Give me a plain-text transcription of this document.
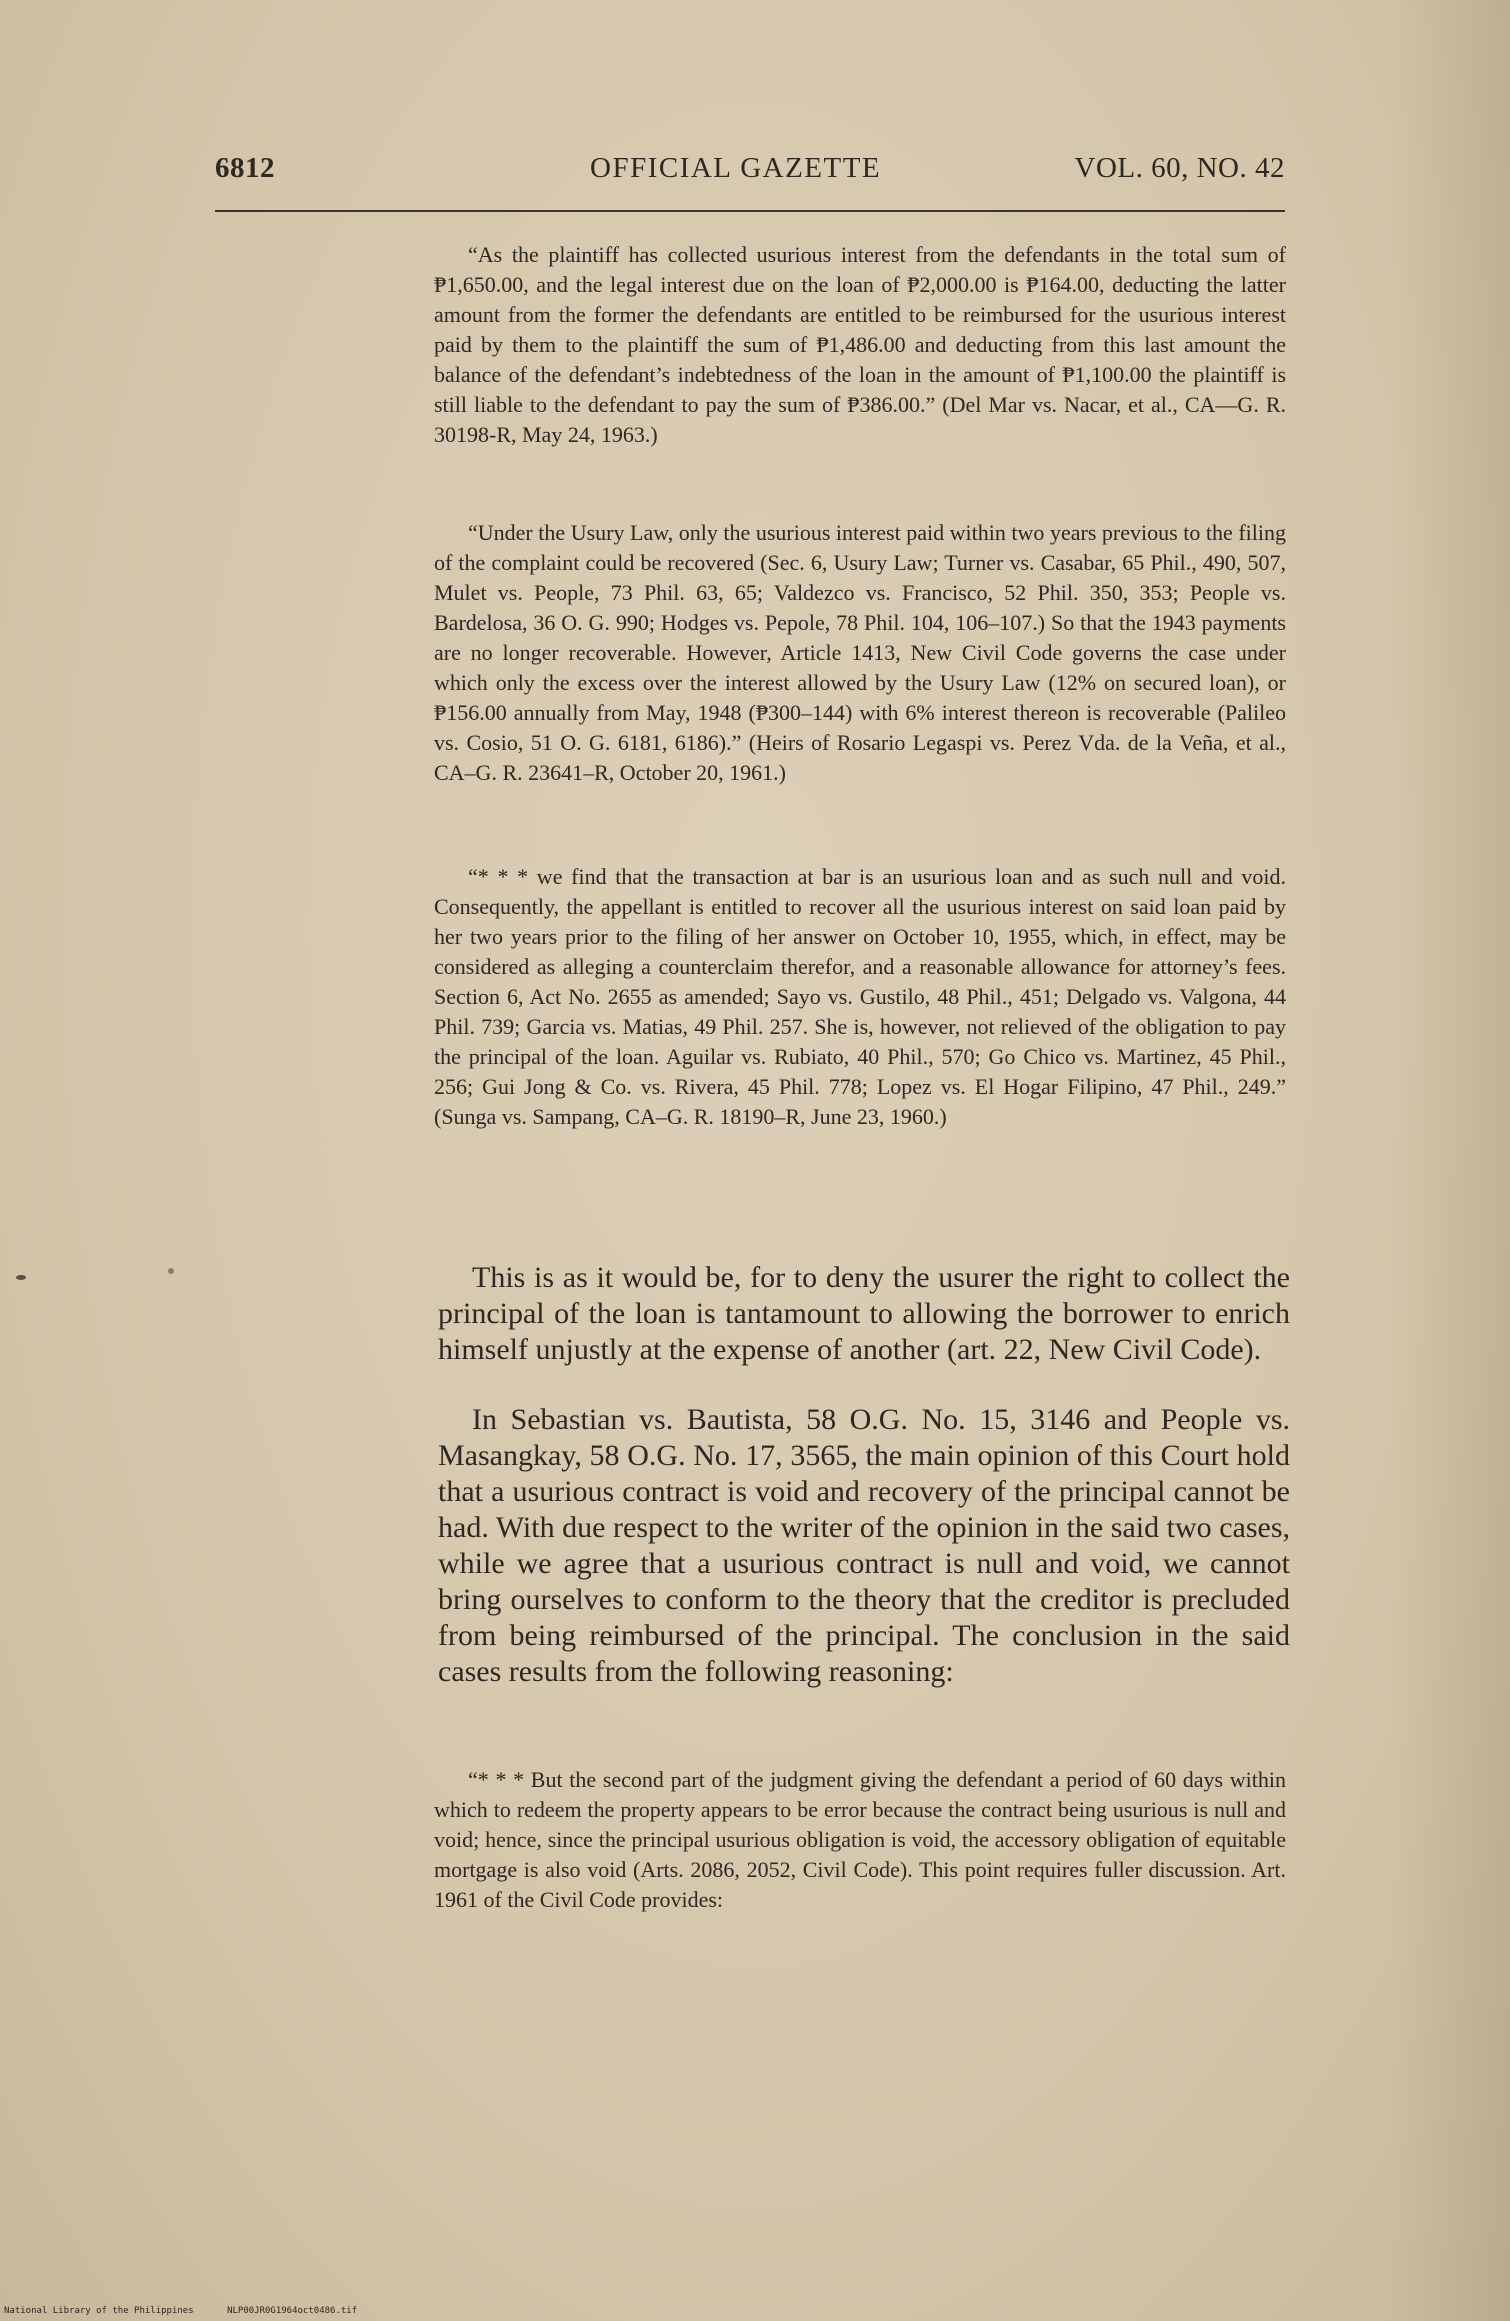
6812	OFFICIAL GAZETTE	VOL. 60, NO. 42

“As the plaintiff has collected usurious interest from the defendants in the total sum of ₱1,650.00, and the legal interest due on the loan of ₱2,000.00 is ₱164.00, deducting the latter amount from the former the defendants are entitled to be reimbursed for the usurious interest paid by them to the plaintiff the sum of ₱1,486.00 and deducting from this last amount the balance of the defendant’s indebtedness of the loan in the amount of ₱1,100.00 the plaintiff is still liable to the defendant to pay the sum of ₱386.00.” (Del Mar vs. Nacar, et al., CA—G. R. 30198-R, May 24, 1963.)

“Under the Usury Law, only the usurious interest paid within two years previous to the filing of the complaint could be recovered (Sec. 6, Usury Law; Turner vs. Casabar, 65 Phil., 490, 507, Mulet vs. People, 73 Phil. 63, 65; Valdezco vs. Francisco, 52 Phil. 350, 353; People vs. Bardelosa, 36 O. G. 990; Hodges vs. Pepole, 78 Phil. 104, 106–107.) So that the 1943 payments are no longer recoverable. However, Article 1413, New Civil Code governs the case under which only the excess over the interest allowed by the Usury Law (12% on secured loan), or ₱156.00 annually from May, 1948 (₱300–144) with 6% interest thereon is recoverable (Palileo vs. Cosio, 51 O. G. 6181, 6186).” (Heirs of Rosario Legaspi vs. Perez Vda. de la Veña, et al., CA–G. R. 23641–R, October 20, 1961.)

“* * * we find that the transaction at bar is an usurious loan and as such null and void. Consequently, the appellant is entitled to recover all the usurious interest on said loan paid by her two years prior to the filing of her answer on October 10, 1955, which, in effect, may be considered as alleging a counterclaim therefor, and a reasonable allowance for attorney’s fees. Section 6, Act No. 2655 as amended; Sayo vs. Gustilo, 48 Phil., 451; Delgado vs. Valgona, 44 Phil. 739; Garcia vs. Matias, 49 Phil. 257. She is, however, not relieved of the obligation to pay the principal of the loan. Aguilar vs. Rubiato, 40 Phil., 570; Go Chico vs. Martinez, 45 Phil., 256; Gui Jong & Co. vs. Rivera, 45 Phil. 778; Lopez vs. El Hogar Filipino, 47 Phil., 249.” (Sunga vs. Sampang, CA–G. R. 18190–R, June 23, 1960.)

This is as it would be, for to deny the usurer the right to collect the principal of the loan is tantamount to allowing the borrower to enrich himself unjustly at the expense of another (art. 22, New Civil Code).

In Sebastian vs. Bautista, 58 O.G. No. 15, 3146 and People vs. Masangkay, 58 O.G. No. 17, 3565, the main opinion of this Court hold that a usurious contract is void and recovery of the principal cannot be had. With due respect to the writer of the opinion in the said two cases, while we agree that a usurious contract is null and void, we cannot bring ourselves to conform to the theory that the creditor is precluded from being reimbursed of the principal. The conclusion in the said cases results from the following reasoning:

“* * * But the second part of the judgment giving the defendant a period of 60 days within which to redeem the property appears to be error because the contract being usurious is null and void; hence, since the principal usurious obligation is void, the accessory obligation of equitable mortgage is also void (Arts. 2086, 2052, Civil Code). This point requires fuller discussion. Art. 1961 of the Civil Code provides:

National Library of the Philippines	NLP00JR0G1964oct0486.tif
